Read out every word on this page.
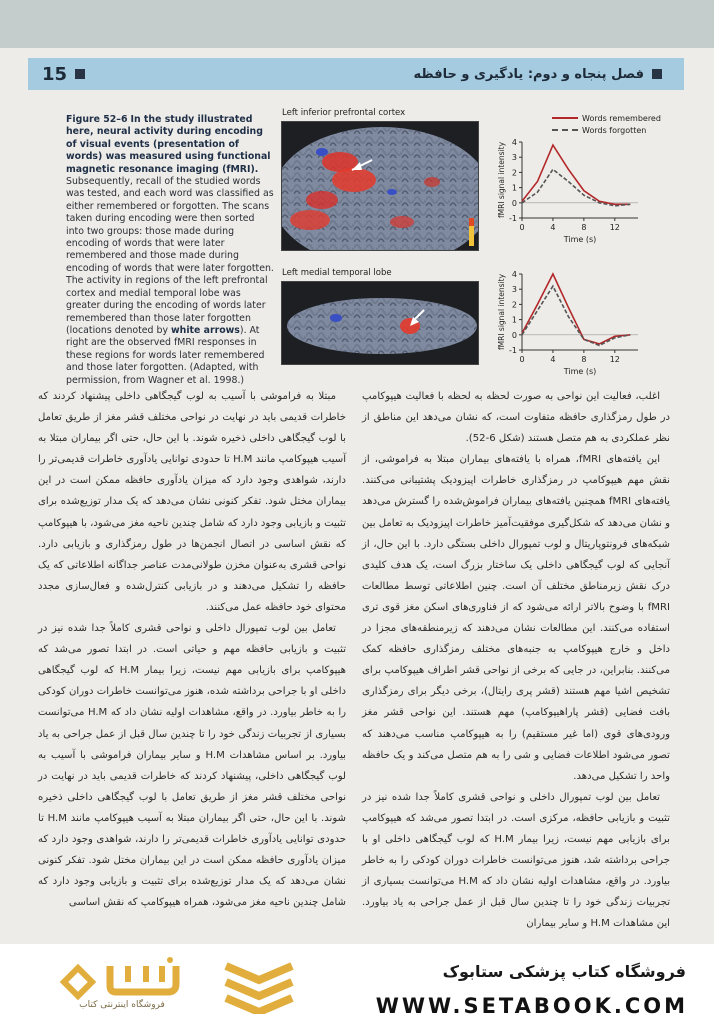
15	فصل پنجاه و دوم: یادگیری و حافظه
Figure 52–6 In the study illustrated here, neural activity during encoding of visual events (presentation of words) was measured using functional magnetic resonance imaging (fMRI). Subsequently, recall of the studied words was tested, and each word was classified as either remembered or forgotten. The scans taken during encoding were then sorted into two groups: those made during encoding of words that were later remembered and those made during encoding of words that were later forgotten. The activity in regions of the left prefrontal cortex and medial temporal lobe was greater during the encoding of words later remembered than those later forgotten (locations denoted by white arrows). At right are the observed fMRI responses in these regions for words later remembered and those later forgotten. (Adapted, with permission, from Wagner et al. 1998.)
Left inferior prefrontal cortex
Left medial temporal lobe
Words remembered
Words forgotten
-1
0
1
2
3
4
0	4	8	12
Time (s)
fMRI signal intensity
-1
0
1
2
3
4
0	4	8	12
Time (s)
fMRI signal intensity

اغلب، فعالیت این نواحی به صورت لحظه به لحظه با فعالیت هیپوکامپ در طول رمزگذاری حافظه متفاوت است، که نشان می‌دهد این مناطق از نظر عملکردی به هم متصل هستند (شکل 6-52).

این یافته‌های fMRI، همراه با یافته‌های بیماران مبتلا به فراموشی، از نقش مهم هیپوکامپ در رمزگذاری خاطرات اپیزودیک پشتیبانی می‌کنند. یافته‌های fMRI همچنین یافته‌های بیماران فراموش‌شده را گسترش می‌دهد و نشان می‌دهد که شکل‌گیری موفقیت‌آمیز خاطرات اپیزودیک به تعامل بین شبکه‌های فرونتوپاریتال و لوب تمپورال داخلی بستگی دارد. با این حال، از آنجایی که لوب گیجگاهی داخلی یک ساختار بزرگ است، یک هدف کلیدی درک نقش زیرمناطق مختلف آن است. چنین اطلاعاتی توسط مطالعات fMRI با وضوح بالاتر ارائه می‌شود که از فناوری‌های اسکن مغز قوی تری استفاده می‌کنند. این مطالعات نشان می‌دهند که زیرمنطقه‌های مجزا در داخل و خارج هیپوکامپ به جنبه‌های مختلف رمزگذاری حافظه کمک می‌کنند. بنابراین، در جایی که برخی از نواحی قشر اطراف هیپوکامپ برای تشخیص اشیا مهم هستند (قشر پری رایتال)، برخی دیگر برای رمزگذاری بافت فضایی (قشر پاراهیپوکامپ) مهم هستند. این نواحی قشر مغز ورودی‌های قوی (اما غیر مستقیم) را به هیپوکامپ مناسب می‌دهند که تصور می‌شود اطلاعات فضایی و شی را به هم متصل می‌کند و یک حافظه واحد را تشکیل می‌دهد.

تعامل بین لوب تمپورال داخلی و نواحی قشری کاملاً جدا شده نیز در تثبیت و بازیابی حافظه، مرکزی است. در ابتدا تصور می‌شد که هیپوکامپ برای بازیابی مهم نیست، زیرا بیمار H.M که لوب گیجگاهی داخلی او با جراحی برداشته شد، هنوز می‌توانست خاطرات دوران کودکی را به خاطر بیاورد. در واقع، مشاهدات اولیه نشان داد که H.M می‌توانست بسیاری از تجربیات زندگی خود را تا چندین سال قبل از عمل جراحی به یاد بیاورد. این مشاهدات H.M و سایر بیماران

مبتلا به فراموشی با آسیب به لوب گیجگاهی داخلی پیشنهاد کردند که خاطرات قدیمی باید در نهایت در نواحی مختلف قشر مغز از طریق تعامل با لوب گیجگاهی داخلی ذخیره شوند. با این حال، حتی اگر بیماران مبتلا به آسیب هیپوکامپ مانند H.M تا حدودی توانایی یادآوری خاطرات قدیمی‌تر را دارند، شواهدی وجود دارد که میزان یادآوری حافظه ممکن است در این بیماران مختل شود. تفکر کنونی نشان می‌دهد که یک مدار توزیع‌شده برای تثبیت و بازیابی وجود دارد که شامل چندین ناحیه مغز می‌شود، با هیپوکامپ که نقش اساسی در اتصال انجمن‌ها در طول رمزگذاری و بازیابی دارد. نواحی قشری به‌عنوان مخزن طولانی‌مدت عناصر جداگانه اطلاعاتی که یک حافظه را تشکیل می‌دهند و در بازیابی کنترل‌شده و فعال‌سازی مجدد محتوای خود حافظه عمل می‌کنند.

تعامل بین لوب تمپورال داخلی و نواحی قشری کاملاً جدا شده نیز در تثبیت و بازیابی حافظه مهم و حیاتی است. در ابتدا تصور می‌شد که هیپوکامپ برای بازیابی مهم نیست، زیرا بیمار H.M که لوب گیجگاهی داخلی او با جراحی برداشته شده، هنوز می‌توانست خاطرات دوران کودکی را به خاطر بیاورد. در واقع، مشاهدات اولیه نشان داد که H.M می‌توانست بسیاری از تجربیات زندگی خود را تا چندین سال قبل از عمل جراحی به یاد بیاورد. بر اساس مشاهدات H.M و سایر بیماران فراموشی با آسیب به لوب گیجگاهی داخلی، پیشنهاد کردند که خاطرات قدیمی باید در نهایت در نواحی مختلف قشر مغز از طریق تعامل با لوب گیجگاهی داخلی ذخیره شوند. با این حال، حتی اگر بیماران مبتلا به آسیب هیپوکامپ مانند H.M تا حدودی توانایی یادآوری خاطرات قدیمی‌تر را دارند، شواهدی وجود دارد که میزان یادآوری حافظه ممکن است در این بیماران مختل شود. تفکر کنونی نشان می‌دهد که یک مدار توزیع‌شده برای تثبیت و بازیابی وجود دارد که شامل چندین ناحیه مغز می‌شود، همراه هیپوکامپ که نقش اساسی

فروشگاه اینترنتی کتاب
فروشگاه کتاب پزشکی ستابوک
WWW.SETABOOK.COM
